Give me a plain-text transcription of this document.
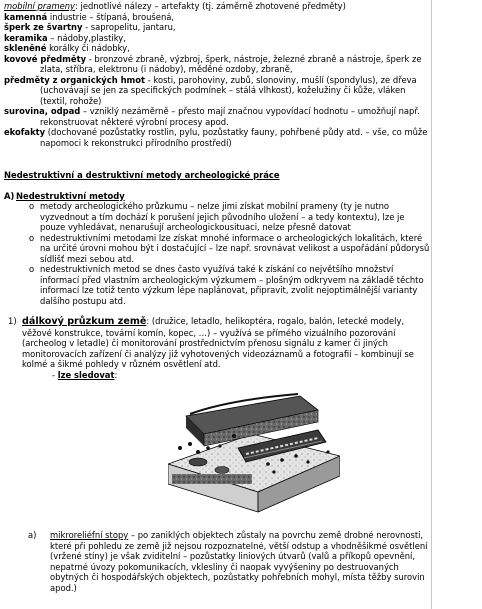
mobilní prameny: jednotlivé nálezy – artefakty (tj. záměrně zhotovené předměty)

kamenná industrie – štípaná, broušená,

šperk ze švartny - sapropelitu, jantaru,

keramika – nádoby,plastiky,

skleněné korálky či nádobky,

kovové předměty - bronzové zbraně, výzbroj, šperk, nástroje, železné zbraně a nástroje, šperk ze zlata, stříbra, elektronu (i nádoby), měděné ozdoby, zbraně,

předměty z organických hmot - kosti, parohoviny, zubů, slonoviny, mušlí (spondylus), ze dřeva (uchovávají se jen za specifických podmínek – stálá vlhkost), koželužiny či kůže, vláken (textil, rohože)

surovina, odpad – vzniklý nezáměrně – přesto mají značnou vypovídací hodnotu – umožňují např. rekonstruovat některé výrobní procesy apod.

ekofakty (dochované pozůstatky rostlin, pylu, pozůstatky fauny, pohřbené půdy atd. – vše, co může napomoci k rekonstrukci přírodního prostředí)

Nedestruktivní a destruktivní metody archeologické práce

A) Nedestruktivní metody

o metody archeologického průzkumu – nelze jimi získat mobilní prameny (ty je nutno vyzvednout a tím dochází k porušení jejich původního uložení – a tedy kontextu), lze je pouze vyhledávat, nenarušují archeologickousituaci, nelze přesně datovat
o nedestruktivními metodami lze získat mnohé informace o archeologických lokalitách, které na určité úrovni mohou být i dostačující – lze např. srovnávat velikost a uspořádání půdorysů sídlišť mezi sebou atd.
o nedestruktivních metod se dnes často využívá také k získání co největšího množství informací před vlastním archeologickým výzkumem – plošným odkryvem na základě těchto informací lze totiž tento výzkum lépe naplánovat, připravit, zvolit nejoptimálnější varianty dalšího postupu atd.
1) dálkový průzkum země: (družice, letadlo, helikoptéra, rogalo, balón, letecké modely, věžové konstrukce, tovární komín, kopec, …) – využívá se přímého vizuálního pozorování (archeolog v letadle) či monitorování prostřednictvím přenosu signálu z kamer či jiných monitorovacích zařízení či analýzy již vyhotovených videozáznamů a fotografií – kombinují se kolmé a šikmé pohledy v různém osvětlení atd.
- lze sledovat:
a) mikroreliéfní stopy – po zaniklých objektech zůstaly na povrchu země drobné nerovnosti, které při pohledu ze země již nejsou rozpoznatelné, větší odstup a vhodněšikmé osvětlení (vržené stíny) je však zviditelní – pozůstatky liniových útvarů (valů a příkopů opevnění, nepatrné úvozy pokomunikacích, vklesliny či naopak vyvýšeniny po destruovaných obytných či hospodářských objektech, pozůstatky pohřebních mohyl, místa těžby surovin apod.)
